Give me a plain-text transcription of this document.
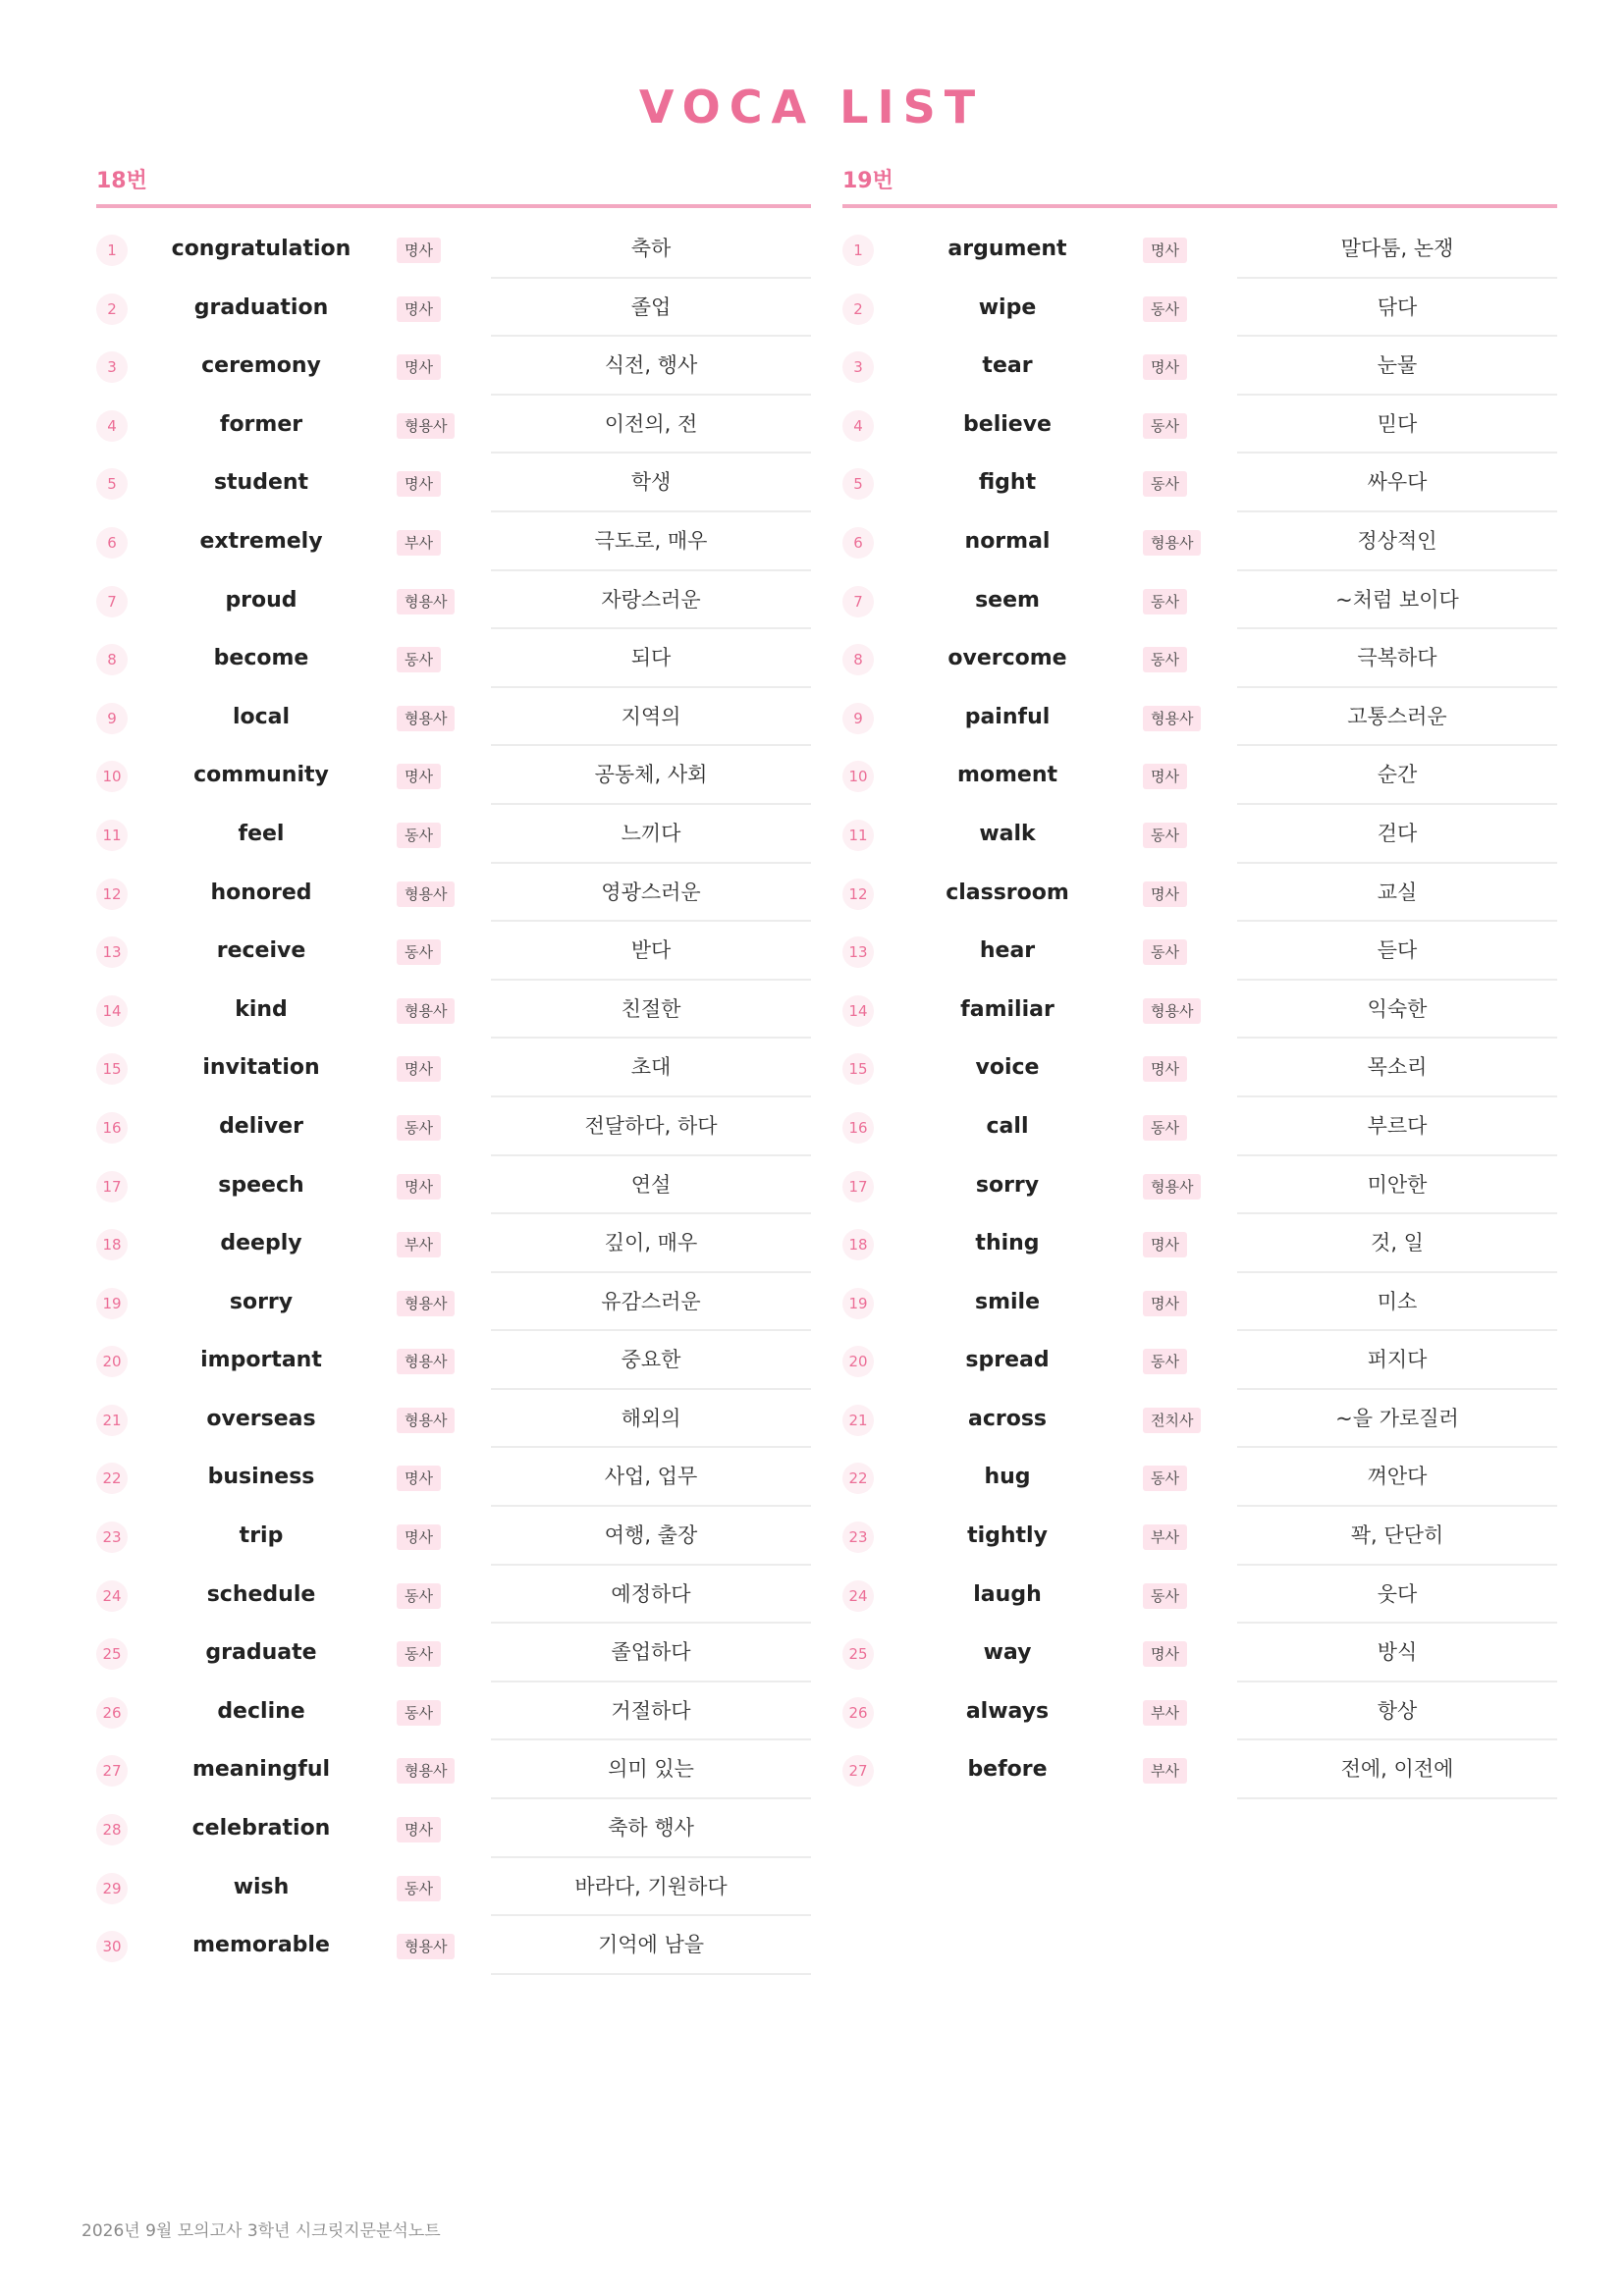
VOCA LIST
18번
1	congratulation	명사	축하
2	graduation	명사	졸업
3	ceremony	명사	식전, 행사
4	former	형용사	이전의, 전
5	student	명사	학생
6	extremely	부사	극도로, 매우
7	proud	형용사	자랑스러운
8	become	동사	되다
9	local	형용사	지역의
10	community	명사	공동체, 사회
11	feel	동사	느끼다
12	honored	형용사	영광스러운
13	receive	동사	받다
14	kind	형용사	친절한
15	invitation	명사	초대
16	deliver	동사	전달하다, 하다
17	speech	명사	연설
18	deeply	부사	깊이, 매우
19	sorry	형용사	유감스러운
20	important	형용사	중요한
21	overseas	형용사	해외의
22	business	명사	사업, 업무
23	trip	명사	여행, 출장
24	schedule	동사	예정하다
25	graduate	동사	졸업하다
26	decline	동사	거절하다
27	meaningful	형용사	의미 있는
28	celebration	명사	축하 행사
29	wish	동사	바라다, 기원하다
30	memorable	형용사	기억에 남을
19번
1	argument	명사	말다툼, 논쟁
2	wipe	동사	닦다
3	tear	명사	눈물
4	believe	동사	믿다
5	fight	동사	싸우다
6	normal	형용사	정상적인
7	seem	동사	~처럼 보이다
8	overcome	동사	극복하다
9	painful	형용사	고통스러운
10	moment	명사	순간
11	walk	동사	걷다
12	classroom	명사	교실
13	hear	동사	듣다
14	familiar	형용사	익숙한
15	voice	명사	목소리
16	call	동사	부르다
17	sorry	형용사	미안한
18	thing	명사	것, 일
19	smile	명사	미소
20	spread	동사	퍼지다
21	across	전치사	~을 가로질러
22	hug	동사	껴안다
23	tightly	부사	꽉, 단단히
24	laugh	동사	웃다
25	way	명사	방식
26	always	부사	항상
27	before	부사	전에, 이전에
2026년 9월 모의고사 3학년 시크릿지문분석노트
